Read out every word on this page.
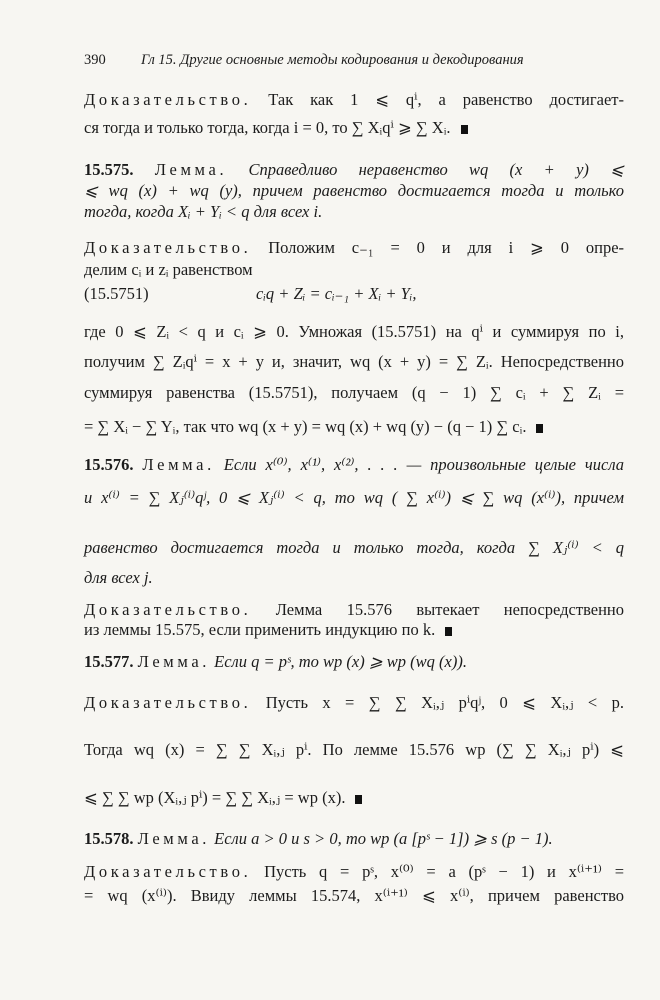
390 Гл 15. Другие основные методы кодирования и декодирования
Доказательство. Так как 1 ⩽ qⁱ, а равенство достигает-
ся тогда и только тогда, когда i = 0, то ∑ Xᵢqⁱ ⩾ ∑ Xᵢ.
15.575. Лемма. Справедливо неравенство wq (x + y) ⩽
⩽ wq (x) + wq (y), причем равенство достигается тогда и только
тогда, когда Xᵢ + Yᵢ < q для всех i.
Доказательство. Положим c₋₁ = 0 и для i ⩾ 0 опре-
делим cᵢ и zᵢ равенством
(15.5751)	cᵢq + Zᵢ = cᵢ₋₁ + Xᵢ + Yᵢ,
где 0 ⩽ Zᵢ < q и cᵢ ⩾ 0. Умножая (15.5751) на qⁱ и суммируя по i,
получим ∑ Zᵢqⁱ = x + y и, значит, wq (x + y) = ∑ Zᵢ. Непосредственно
суммируя равенства (15.5751), получаем (q − 1) ∑ cᵢ + ∑ Zᵢ =
= ∑ Xᵢ − ∑ Yᵢ, так что wq (x + y) = wq (x) + wq (y) − (q − 1) ∑ cᵢ.
15.576. Лемма. Если x⁽⁰⁾, x⁽¹⁾, x⁽²⁾, . . . — произвольные целые числа
и x⁽ⁱ⁾ = ∑ Xⱼ⁽ⁱ⁾qʲ, 0 ⩽ Xⱼ⁽ⁱ⁾ < q, то wq ( ∑ x⁽ⁱ⁾) ⩽ ∑ wq (x⁽ⁱ⁾), причем
равенство достигается тогда и только тогда, когда ∑ Xⱼ⁽ⁱ⁾ < q
для всех j.
Доказательство. Лемма 15.576 вытекает непосредственно
из леммы 15.575, если применить индукцию по k.
15.577. Лемма. Если q = pˢ, то wp (x) ⩾ wp (wq (x)).
Доказательство. Пусть x = ∑ ∑ Xᵢ,ⱼ pⁱqʲ, 0 ⩽ Xᵢ,ⱼ < p.
Тогда wq (x) = ∑ ∑ Xᵢ,ⱼ pⁱ. По лемме 15.576 wp (∑ ∑ Xᵢ,ⱼ pⁱ) ⩽
⩽ ∑ ∑ wp (Xᵢ,ⱼ pⁱ) = ∑ ∑ Xᵢ,ⱼ = wp (x).
15.578. Лемма. Если a > 0 и s > 0, то wp (a [pˢ − 1]) ⩾ s (p − 1).
Доказательство. Пусть q = pˢ, x⁽⁰⁾ = a (pˢ − 1) и x⁽ⁱ⁺¹⁾ =
= wq (x⁽ⁱ⁾). Ввиду леммы 15.574, x⁽ⁱ⁺¹⁾ ⩽ x⁽ⁱ⁾, причем равенство
